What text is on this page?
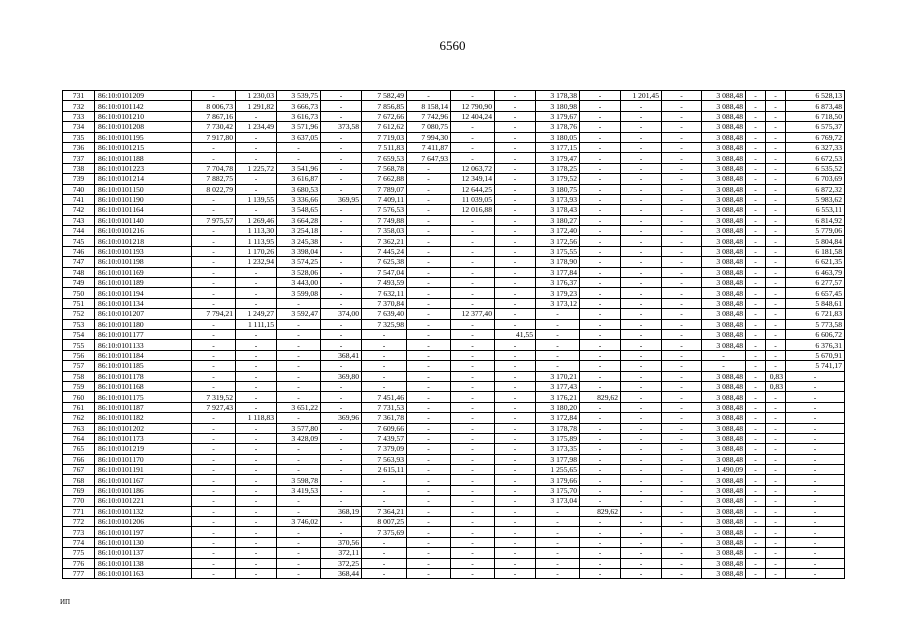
6560
731	86:10:0101209	-	1 230,03	3 539,75	-	7 582,49	-	-	-	3 178,38	-	1 201,45	-	3 088,48	-	-	6 528,13
732	86:10:0101142	8 006,73	1 291,82	3 666,73	-	7 856,85	8 158,14	12 790,90	-	3 180,98	-	-	-	3 088,48	-	-	6 873,48
733	86:10:0101210	7 867,16	-	3 616,73	-	7 672,66	7 742,96	12 404,24	-	3 179,67	-	-	-	3 088,48	-	-	6 718,50
734	86:10:0101208	7 730,42	1 234,49	3 571,96	373,58	7 612,62	7 080,75	-	-	3 178,76	-	-	-	3 088,48	-	-	6 575,37
735	86:10:0101195	7 917,80	-	3 637,05	-	7 719,03	7 994,30	-	-	3 180,05	-	-	-	3 088,48	-	-	6 769,72
736	86:10:0101215	-	-	-	-	7 511,83	7 411,87	-	-	3 177,15	-	-	-	3 088,48	-	-	6 327,33
737	86:10:0101188	-	-	-	-	7 659,53	7 647,93	-	-	3 179,47	-	-	-	3 088,48	-	-	6 672,53
738	86:10:0101223	7 704,78	1 225,72	3 541,96	-	7 568,78	-	12 063,72	-	3 178,25	-	-	-	3 088,48	-	-	6 535,52
739	86:10:0101214	7 882,75	-	3 616,87	-	7 662,88	-	12 349,14	-	3 179,52	-	-	-	3 088,48	-	-	6 703,69
740	86:10:0101150	8 022,79	-	3 680,53	-	7 789,07	-	12 644,25	-	3 180,75	-	-	-	3 088,48	-	-	6 872,32
741	86:10:0101190	-	1 139,55	3 336,66	369,95	7 409,11	-	11 039,05	-	3 173,93	-	-	-	3 088,48	-	-	5 983,62
742	86:10:0101164	-	-	3 548,65	-	7 576,53	-	12 016,88	-	3 178,43	-	-	-	3 088,48	-	-	6 553,11
743	86:10:0101140	7 975,57	1 269,46	3 664,28	-	7 749,88	-	-	-	3 180,27	-	-	-	3 088,48	-	-	6 814,92
744	86:10:0101216	-	1 113,30	3 254,18	-	7 358,03	-	-	-	3 172,40	-	-	-	3 088,48	-	-	5 779,06
745	86:10:0101218	-	1 113,95	3 245,38	-	7 362,21	-	-	-	3 172,56	-	-	-	3 088,48	-	-	5 804,84
746	86:10:0101193	-	1 170,26	3 398,04	-	7 445,24	-	-	-	3 175,55	-	-	-	3 088,48	-	-	6 181,58
747	86:10:0101198	-	1 232,94	3 574,25	-	7 625,38	-	-	-	3 178,90	-	-	-	3 088,48	-	-	6 621,35
748	86:10:0101169	-	-	3 528,06	-	7 547,04	-	-	-	3 177,84	-	-	-	3 088,48	-	-	6 463,79
749	86:10:0101189	-	-	3 443,00	-	7 493,59	-	-	-	3 176,37	-	-	-	3 088,48	-	-	6 277,57
750	86:10:0101194	-	-	3 599,08	-	7 632,11	-	-	-	3 179,23	-	-	-	3 088,48	-	-	6 657,45
751	86:10:0101134	-	-	-	-	7 370,84	-	-	-	3 173,12	-	-	-	3 088,48	-	-	5 848,61
752	86:10:0101207	7 794,21	1 249,27	3 592,47	374,00	7 639,40	-	12 377,40	-	-	-	-	-	3 088,48	-	-	6 721,83
753	86:10:0101180	-	1 111,15	-	-	7 325,98	-	-	-	-	-	-	-	3 088,48	-	-	5 773,58
754	86:10:0101177	-	-	-	-	-	-	-	41,55	-	-	-	-	3 088,48	-	-	6 606,72
755	86:10:0101133	-	-	-	-	-	-	-	-	-	-	-	-	3 088,48	-	-	6 376,31
756	86:10:0101184	-	-	-	368,41	-	-	-	-	-	-	-	-	-	-	-	5 670,91
757	86:10:0101185	-	-	-	-	-	-	-	-	-	-	-	-	-	-	-	5 741,17
758	86:10:0101178	-	-	-	369,80	-	-	-	-	3 170,21	-	-	-	3 088,48	-	0,83	-
759	86:10:0101168	-	-	-	-	-	-	-	-	3 177,43	-	-	-	3 088,48	-	0,83	-
760	86:10:0101175	7 319,52	-	-	-	7 451,46	-	-	-	3 176,21	829,62	-	-	3 088,48	-	-	-
761	86:10:0101187	7 927,43	-	3 651,22	-	7 731,53	-	-	-	3 180,20	-	-	-	3 088,48	-	-	-
762	86:10:0101182	-	1 118,83	-	369,96	7 361,78	-	-	-	3 172,84	-	-	-	3 088,48	-	-	-
763	86:10:0101202	-	-	3 577,80	-	7 609,66	-	-	-	3 178,78	-	-	-	3 088,48	-	-	-
764	86:10:0101173	-	-	3 428,09	-	7 439,57	-	-	-	3 175,89	-	-	-	3 088,48	-	-	-
765	86:10:0101219	-	-	-	-	7 379,09	-	-	-	3 173,35	-	-	-	3 088,48	-	-	-
766	86:10:0101170	-	-	-	-	7 563,93	-	-	-	3 177,98	-	-	-	3 088,48	-	-	-
767	86:10:0101191	-	-	-	-	2 615,11	-	-	-	1 255,65	-	-	-	1 490,09	-	-	-
768	86:10:0101167	-	-	3 598,78	-	-	-	-	-	3 179,66	-	-	-	3 088,48	-	-	-
769	86:10:0101186	-	-	3 419,53	-	-	-	-	-	3 175,70	-	-	-	3 088,48	-	-	-
770	86:10:0101221	-	-	-	-	-	-	-	-	3 173,04	-	-	-	3 088,48	-	-	-
771	86:10:0101132	-	-	-	368,19	7 364,21	-	-	-	-	829,62	-	-	3 088,48	-	-	-
772	86:10:0101206	-	-	3 746,02	-	8 007,25	-	-	-	-	-	-	-	3 088,48	-	-	-
773	86:10:0101197	-	-	-	-	7 375,69	-	-	-	-	-	-	-	3 088,48	-	-	-
774	86:10:0101130	-	-	-	370,56	-	-	-	-	-	-	-	-	3 088,48	-	-	-
775	86:10:0101137	-	-	-	372,11	-	-	-	-	-	-	-	-	3 088,48	-	-	-
776	86:10:0101138	-	-	-	372,25	-	-	-	-	-	-	-	-	3 088,48	-	-	-
777	86:10:0101163	-	-	-	368,44	-	-	-	-	-	-	-	-	3 088,48	-	-	-
ИП
